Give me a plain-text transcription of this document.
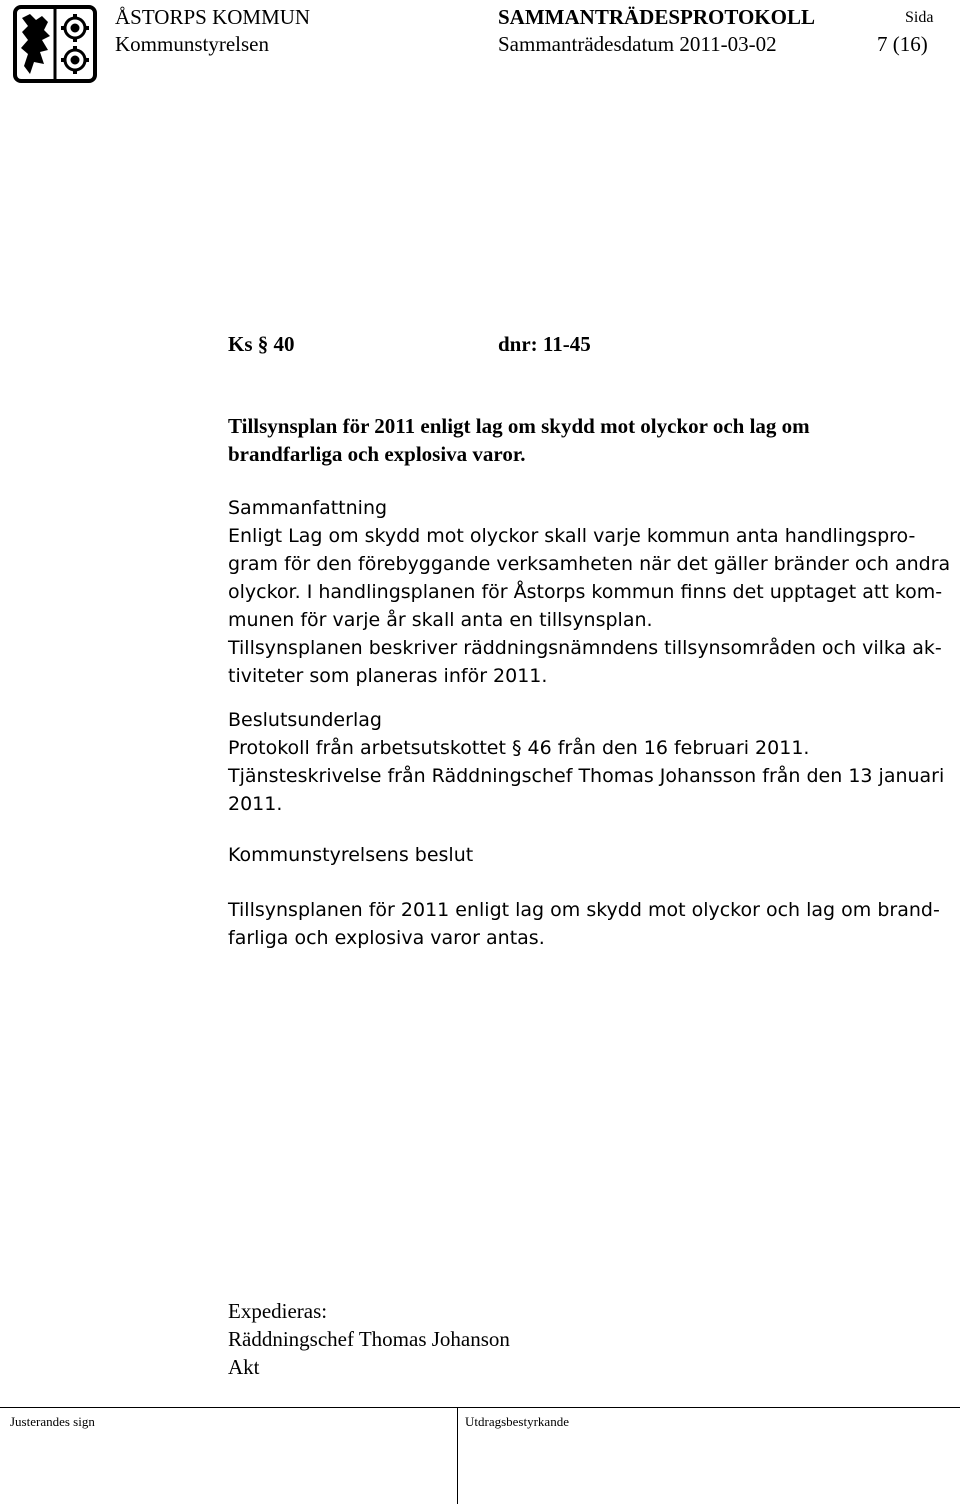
ÅSTORPS KOMMUN	SAMMANTRÄDESPROTOKOLL	Sida
Kommunstyrelsen	Sammanträdesdatum 2011-03-02	7 (16)
Ks § 40	dnr: 11-45
Tillsynsplan för 2011 enligt lag om skydd mot olyckor och lag om
brandfarliga och explosiva varor.
Sammanfattning
Enligt Lag om skydd mot olyckor skall varje kommun anta handlingspro-
gram för den förebyggande verksamheten när det gäller bränder och andra
olyckor. I handlingsplanen för Åstorps kommun finns det upptaget att kom-
munen för varje år skall anta en tillsynsplan.
Tillsynsplanen beskriver räddningsnämndens tillsynsområden och vilka ak-
tiviteter som planeras inför 2011.
Beslutsunderlag
Protokoll från arbetsutskottet § 46 från den 16 februari 2011.
Tjänsteskrivelse från Räddningschef Thomas Johansson från den 13 januari
2011.
Kommunstyrelsens beslut
Tillsynsplanen för 2011 enligt lag om skydd mot olyckor och lag om brand-
farliga och explosiva varor antas.
Expedieras:
Räddningschef Thomas Johanson
Akt
Justerandes sign	Utdragsbestyrkande
